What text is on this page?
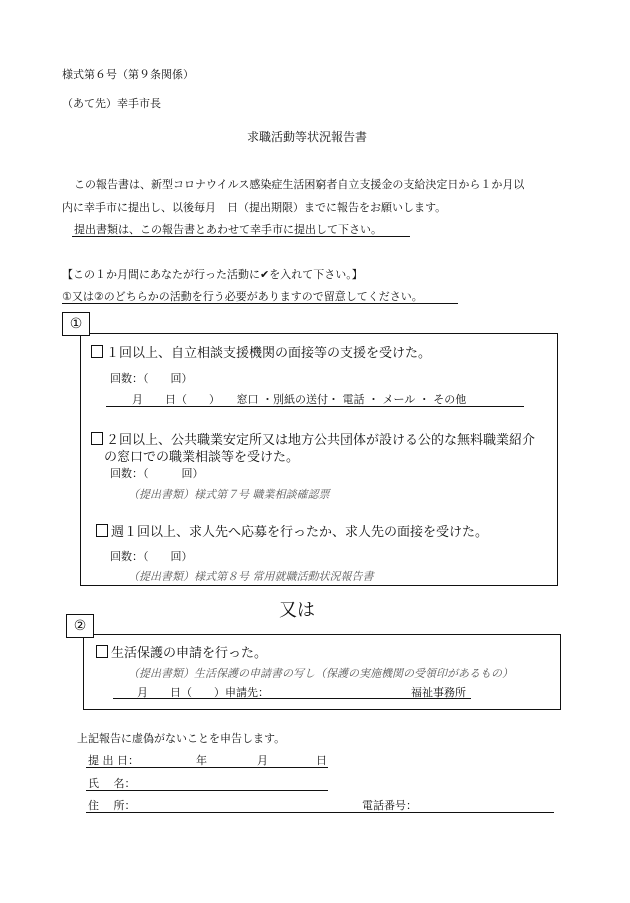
様式第６号（第９条関係）
（あて先）幸手市長
求職活動等状況報告書
この報告書は、新型コロナウイルス感染症生活困窮者自立支援金の支給決定日から１か月以
内に幸手市に提出し、以後毎月　日（提出期限）までに報告をお願いします。
提出書類は、この報告書とあわせて幸手市に提出して下さい。
【この１か月間にあなたが行った活動に✔を入れて下さい。】
①又は②のどちらかの活動を行う必要がありますので留意してください。
①
１回以上、自立相談支援機関の面接等の支援を受けた。
回数：（　　回）
月　　日（　　）　　窓口 ・別紙の送付・ 電話 ・ メール ・ その他
２回以上、公共職業安定所又は地方公共団体が設ける公的な無料職業紹介
の窓口での職業相談等を受けた。
回数：（　　　回）
（提出書類）様式第７号 職業相談確認票
週１回以上、求人先へ応募を行ったか、求人先の面接を受けた。
回数：（　　回）
（提出書類）様式第８号 常用就職活動状況報告書
又は
②
生活保護の申請を行った。
（提出書類）生活保護の申請書の写し（保護の実施機関の受領印があるもの）
月　　日（　　）申請先：	福祉事務所
上記報告に虚偽がないことを申告します。
提 出 日：	年	月	日
氏　 名：
住　 所：	電話番号：
